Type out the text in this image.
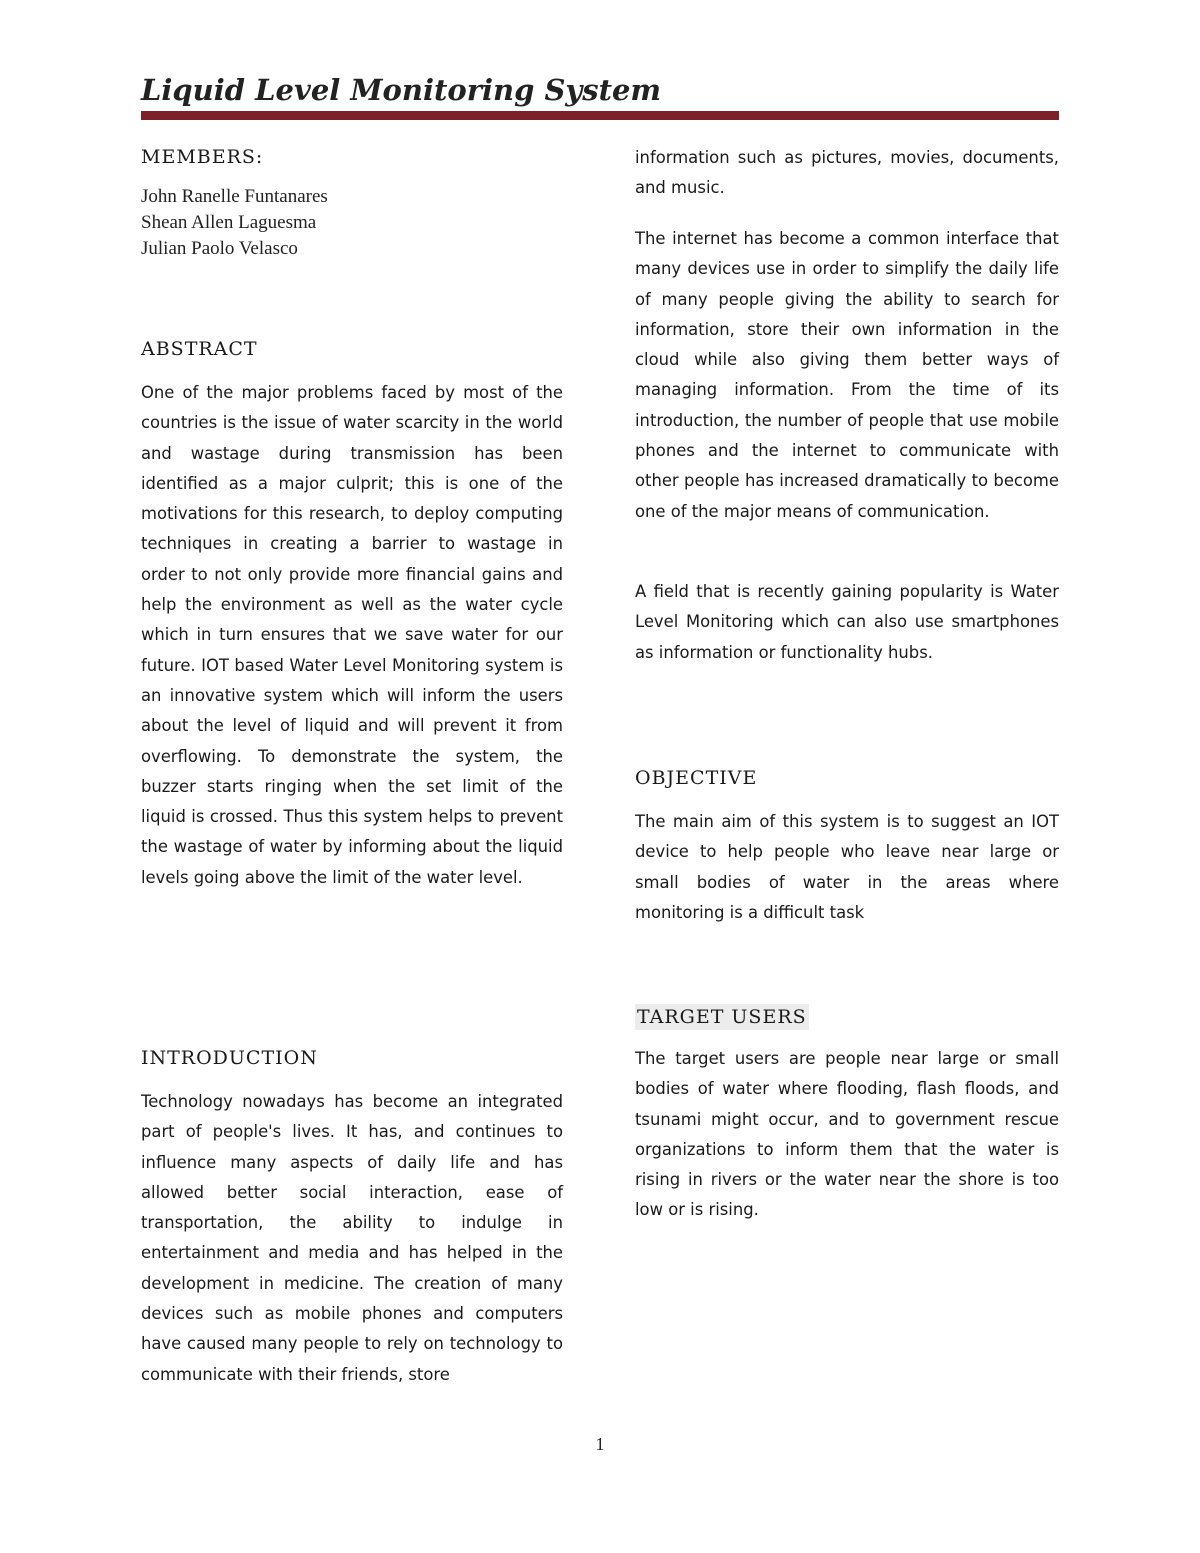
Liquid Level Monitoring System
MEMBERS:
John Ranelle Funtanares
Shean Allen Laguesma
Julian Paolo Velasco
ABSTRACT

One of the major problems faced by most of the countries is the issue of water scarcity in the world and wastage during transmission has been identified as a major culprit; this is one of the motivations for this research, to deploy computing techniques in creating a barrier to wastage in order to not only provide more financial gains and help the environment as well as the water cycle which in turn ensures that we save water for our future. IOT based Water Level Monitoring system is an innovative system which will inform the users about the level of liquid and will prevent it from overflowing. To demonstrate the system, the buzzer starts ringing when the set limit of the liquid is crossed. Thus this system helps to prevent the wastage of water by informing about the liquid levels going above the limit of the water level.

INTRODUCTION

Technology nowadays has become an integrated part of people's lives. It has, and continues to influence many aspects of daily life and has allowed better social interaction, ease of transportation, the ability to indulge in entertainment and media and has helped in the development in medicine. The creation of many devices such as mobile phones and computers have caused many people to rely on technology to communicate with their friends, store

information such as pictures, movies, documents, and music.

The internet has become a common interface that many devices use in order to simplify the daily life of many people giving the ability to search for information, store their own information in the cloud while also giving them better ways of managing information. From the time of its introduction, the number of people that use mobile phones and the internet to communicate with other people has increased dramatically to become one of the major means of communication.

A field that is recently gaining popularity is Water Level Monitoring which can also use smartphones as information or functionality hubs.

OBJECTIVE

The main aim of this system is to suggest an IOT device to help people who leave near large or small bodies of water in the areas where monitoring is a difficult task

TARGET USERS

The target users are people near large or small bodies of water where flooding, flash floods, and tsunami might occur, and to government rescue organizations to inform them that the water is rising in rivers or the water near the shore is too low or is rising.

1
